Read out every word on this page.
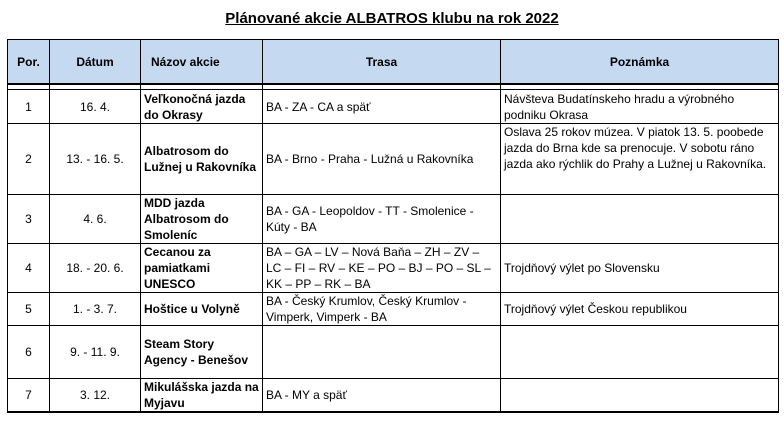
Plánované akcie ALBATROS klubu na rok 2022
Por.	Dátum	Názov akcie	Trasa	Poznámka

1	16. 4.	Veľkonočná jazda do Okrasy	BA - ZA - CA a späť	Návšteva Budatínskeho hradu a výrobného podniku Okrasa
2	13. - 16. 5.	Albatrosom do Lužnej u Rakovníka	BA - Brno - Praha - Lužná u Rakovníka	Oslava 25 rokov múzea. V piatok 13. 5. poobede jazda do Brna kde sa prenocuje. V sobotu ráno jazda ako rýchlik do Prahy a Lužnej u Rakovníka.
3	4. 6.	MDD jazda Albatrosom do Smoleníc	BA - GA - Leopoldov - TT - Smolenice - Kúty - BA	
4	18. - 20. 6.	Cecanou za pamiatkami UNESCO	BA – GA – LV – Nová Baňa – ZH – ZV – LC – FI – RV – KE – PO – BJ – PO – SL – KK – PP – RK – BA	Trojdňový výlet po Slovensku
5	1. - 3. 7.	Hoštice u Volyně	BA - Český Krumlov, Český Krumlov - Vimperk, Vimperk - BA	Trojdňový výlet Českou republikou
6	9. - 11. 9.	Steam Story Agency - Benešov		
7	3. 12.	Mikulášska jazda na Myjavu	BA - MY a späť	
